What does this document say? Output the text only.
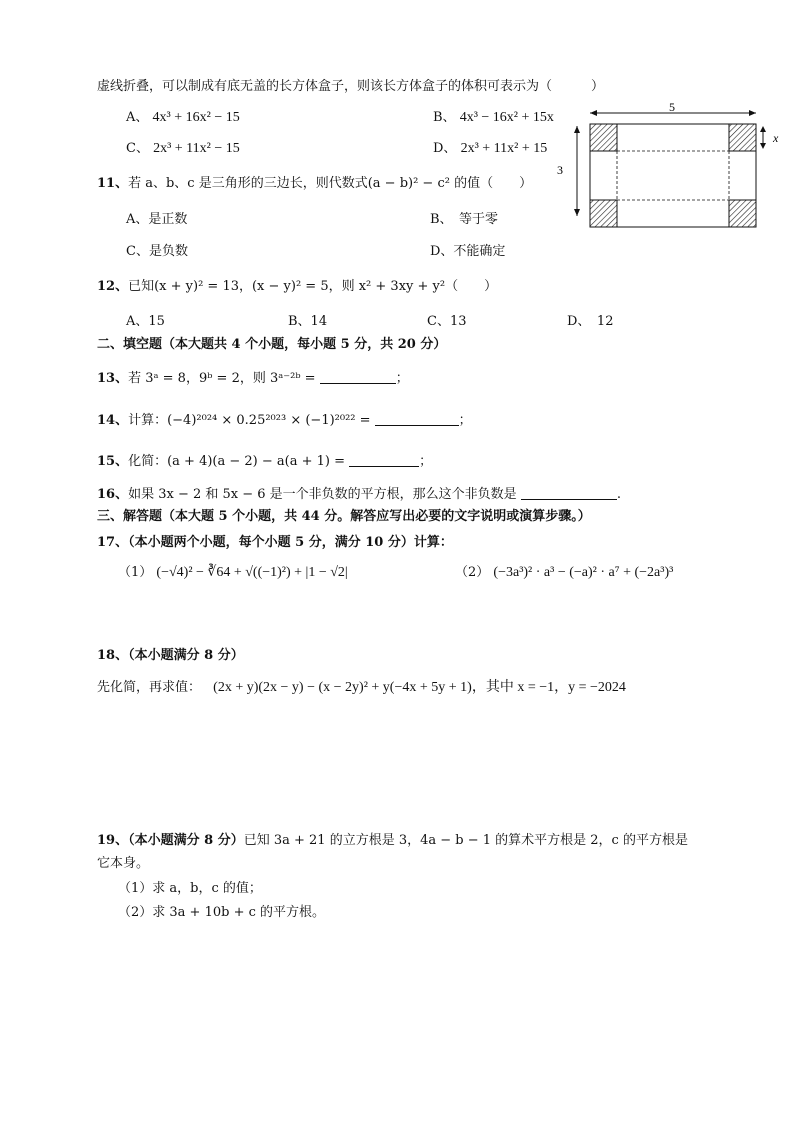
虚线折叠，可以制成有底无盖的长方体盒子，则该长方体盒子的体积可表示为（　　　）
A、 4x³ + 16x² − 15	B、 4x³ − 16x² + 15x
C、 2x³ + 11x² − 15	D、 2x³ + 11x² + 15
5
3
x
11、若 a、b、c 是三角形的三边长，则代数式(a − b)² − c² 的值（　　）
A、是正数	B、　等于零
C、是负数	D、不能确定
12、已知(x + y)² = 13，(x − y)² = 5，则 x² + 3xy + y²（　　）
A、15	B、14	C、13	D、　12
二、填空题（本大题共 4 个小题，每小题 5 分，共 20 分）
13、若 3ᵃ = 8，9ᵇ = 2，则 3ᵃ⁻²ᵇ =	；
14、计算：(−4)²⁰²⁴ × 0.25²⁰²³ × (−1)²⁰²² =	；
15、化简：(a + 4)(a − 2) − a(a + 1) =	；
16、如果 3x − 2 和 5x − 6 是一个非负数的平方根，那么这个非负数是	.
三、解答题（本大题 5 个小题，共 44 分。解答应写出必要的文字说明或演算步骤。）
17、（本小题两个小题，每个小题 5 分，满分 10 分）计算：
（1） (−√4)² − ∛64 + √((−1)²) + |1 − √2|	（2） (−3a³)² · a³ − (−a)² · a⁷ + (−2a³)³
18、（本小题满分 8 分）
先化简，再求值： (2x + y)(2x − y) − (x − 2y)² + y(−4x + 5y + 1)，其中 x = −1，y = −2024
19、（本小题满分 8 分）已知 3a + 21 的立方根是 3，4a − b − 1 的算术平方根是 2，c 的平方根是
它本身。
（1）求 a，b，c 的值；
（2）求 3a + 10b + c 的平方根。
